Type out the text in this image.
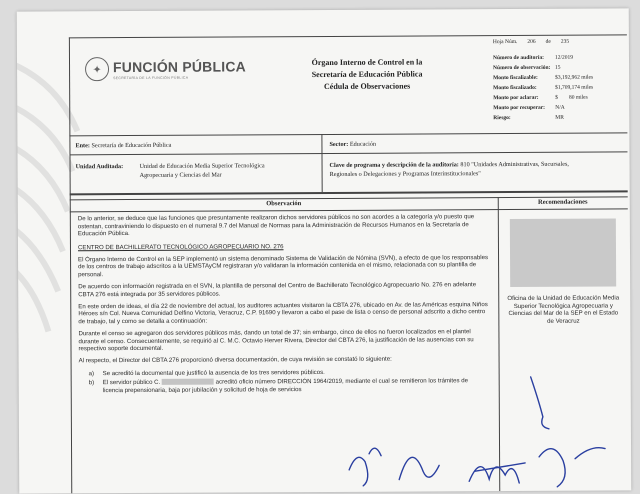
✦ FUNCIÓN PÚBLICA
SECRETARÍA DE LA FUNCIÓN PÚBLICA
Órgano Interno de Control en la
Secretaría de Educación Pública
Cédula de Observaciones
Hoja Núm. 206 de 235
Número de auditoría:	12/2019
Número de observación: 15
Monto fiscalizable:	$3,192,962 miles
Monto fiscalizado:	$1,709,174 miles
Monto por aclarar:	$        80 miles
Monto por recuperar:	N/A
Riesgo:	MR
Ente: Secretaría de Educación Pública	Sector: Educación
Unidad Auditada:	Unidad de Educación Media Superior Tecnológica
Agropecuaria y Ciencias del Mar
Clave de programa y descripción de la auditoría: 810 "Unidades Administrativas, Sucursales,
Regionales o Delegaciones y Programas Interinstitucionales"
Observación	Recomendaciones

De lo anterior, se deduce que las funciones que presuntamente realizaron dichos servidores públicos no son acordes a la categoría y/o puesto que ostentan, contraviniendo lo dispuesto en el numeral 9.7 del Manual de Normas para la Administración de Recursos Humanos en la Secretaría de Educación Pública.

CENTRO DE BACHILLERATO TECNOLÓGICO AGROPECUARIO NO. 276

El Órgano Interno de Control en la SEP implementó un sistema denominado Sistema de Validación de Nómina (SVN), a efecto de que los responsables de los centros de trabajo adscritos a la UEMSTAyCM registraran y/o validaran la información contenida en el mismo, relacionada con su plantilla de personal.

De acuerdo con información registrada en el SVN, la plantilla de personal del Centro de Bachillerato Tecnológico Agropecuario No. 276 en adelante CBTA 276 está integrada por 35 servidores públicos.

En este orden de ideas, el día 22 de noviembre del actual, los auditores actuantes visitaron la CBTA 276, ubicado en Av. de las Américas esquina Niños Héroes s/n Col. Nueva Comunidad Delfino Victoria, Veracruz, C.P. 91690 y llevaron a cabo el pase de lista o censo de personal adscrito a dicho centro de trabajo, tal y como se detalla a continuación:

Durante el censo se agregaron dos servidores públicos más, dando un total de 37; sin embargo, cinco de ellos no fueron localizados en el plantel durante el censo. Consecuentemente, se requirió al C. M.C. Octavio Herver Rivera, Director del CBTA 276, la justificación de las ausencias con su respectivo soporte documental.

Al respecto, el Director del CBTA 276 proporcionó diversa documentación, de cuya revisión se constató lo siguiente:

a)	Se acreditó la documental que justificó la ausencia de los tres servidores públicos.
b)	El servidor público C.	acreditó oficio número DIRECCIÓN 1964/2019, mediante el cual se remitieron los trámites de licencia prepensionaria, baja por jubilación y solicitud de hoja de servicios
Oficina de la Unidad de Educación Media Superior Tecnológica Agropecuaria y Ciencias del Mar de la SEP en el Estado de Veracruz
